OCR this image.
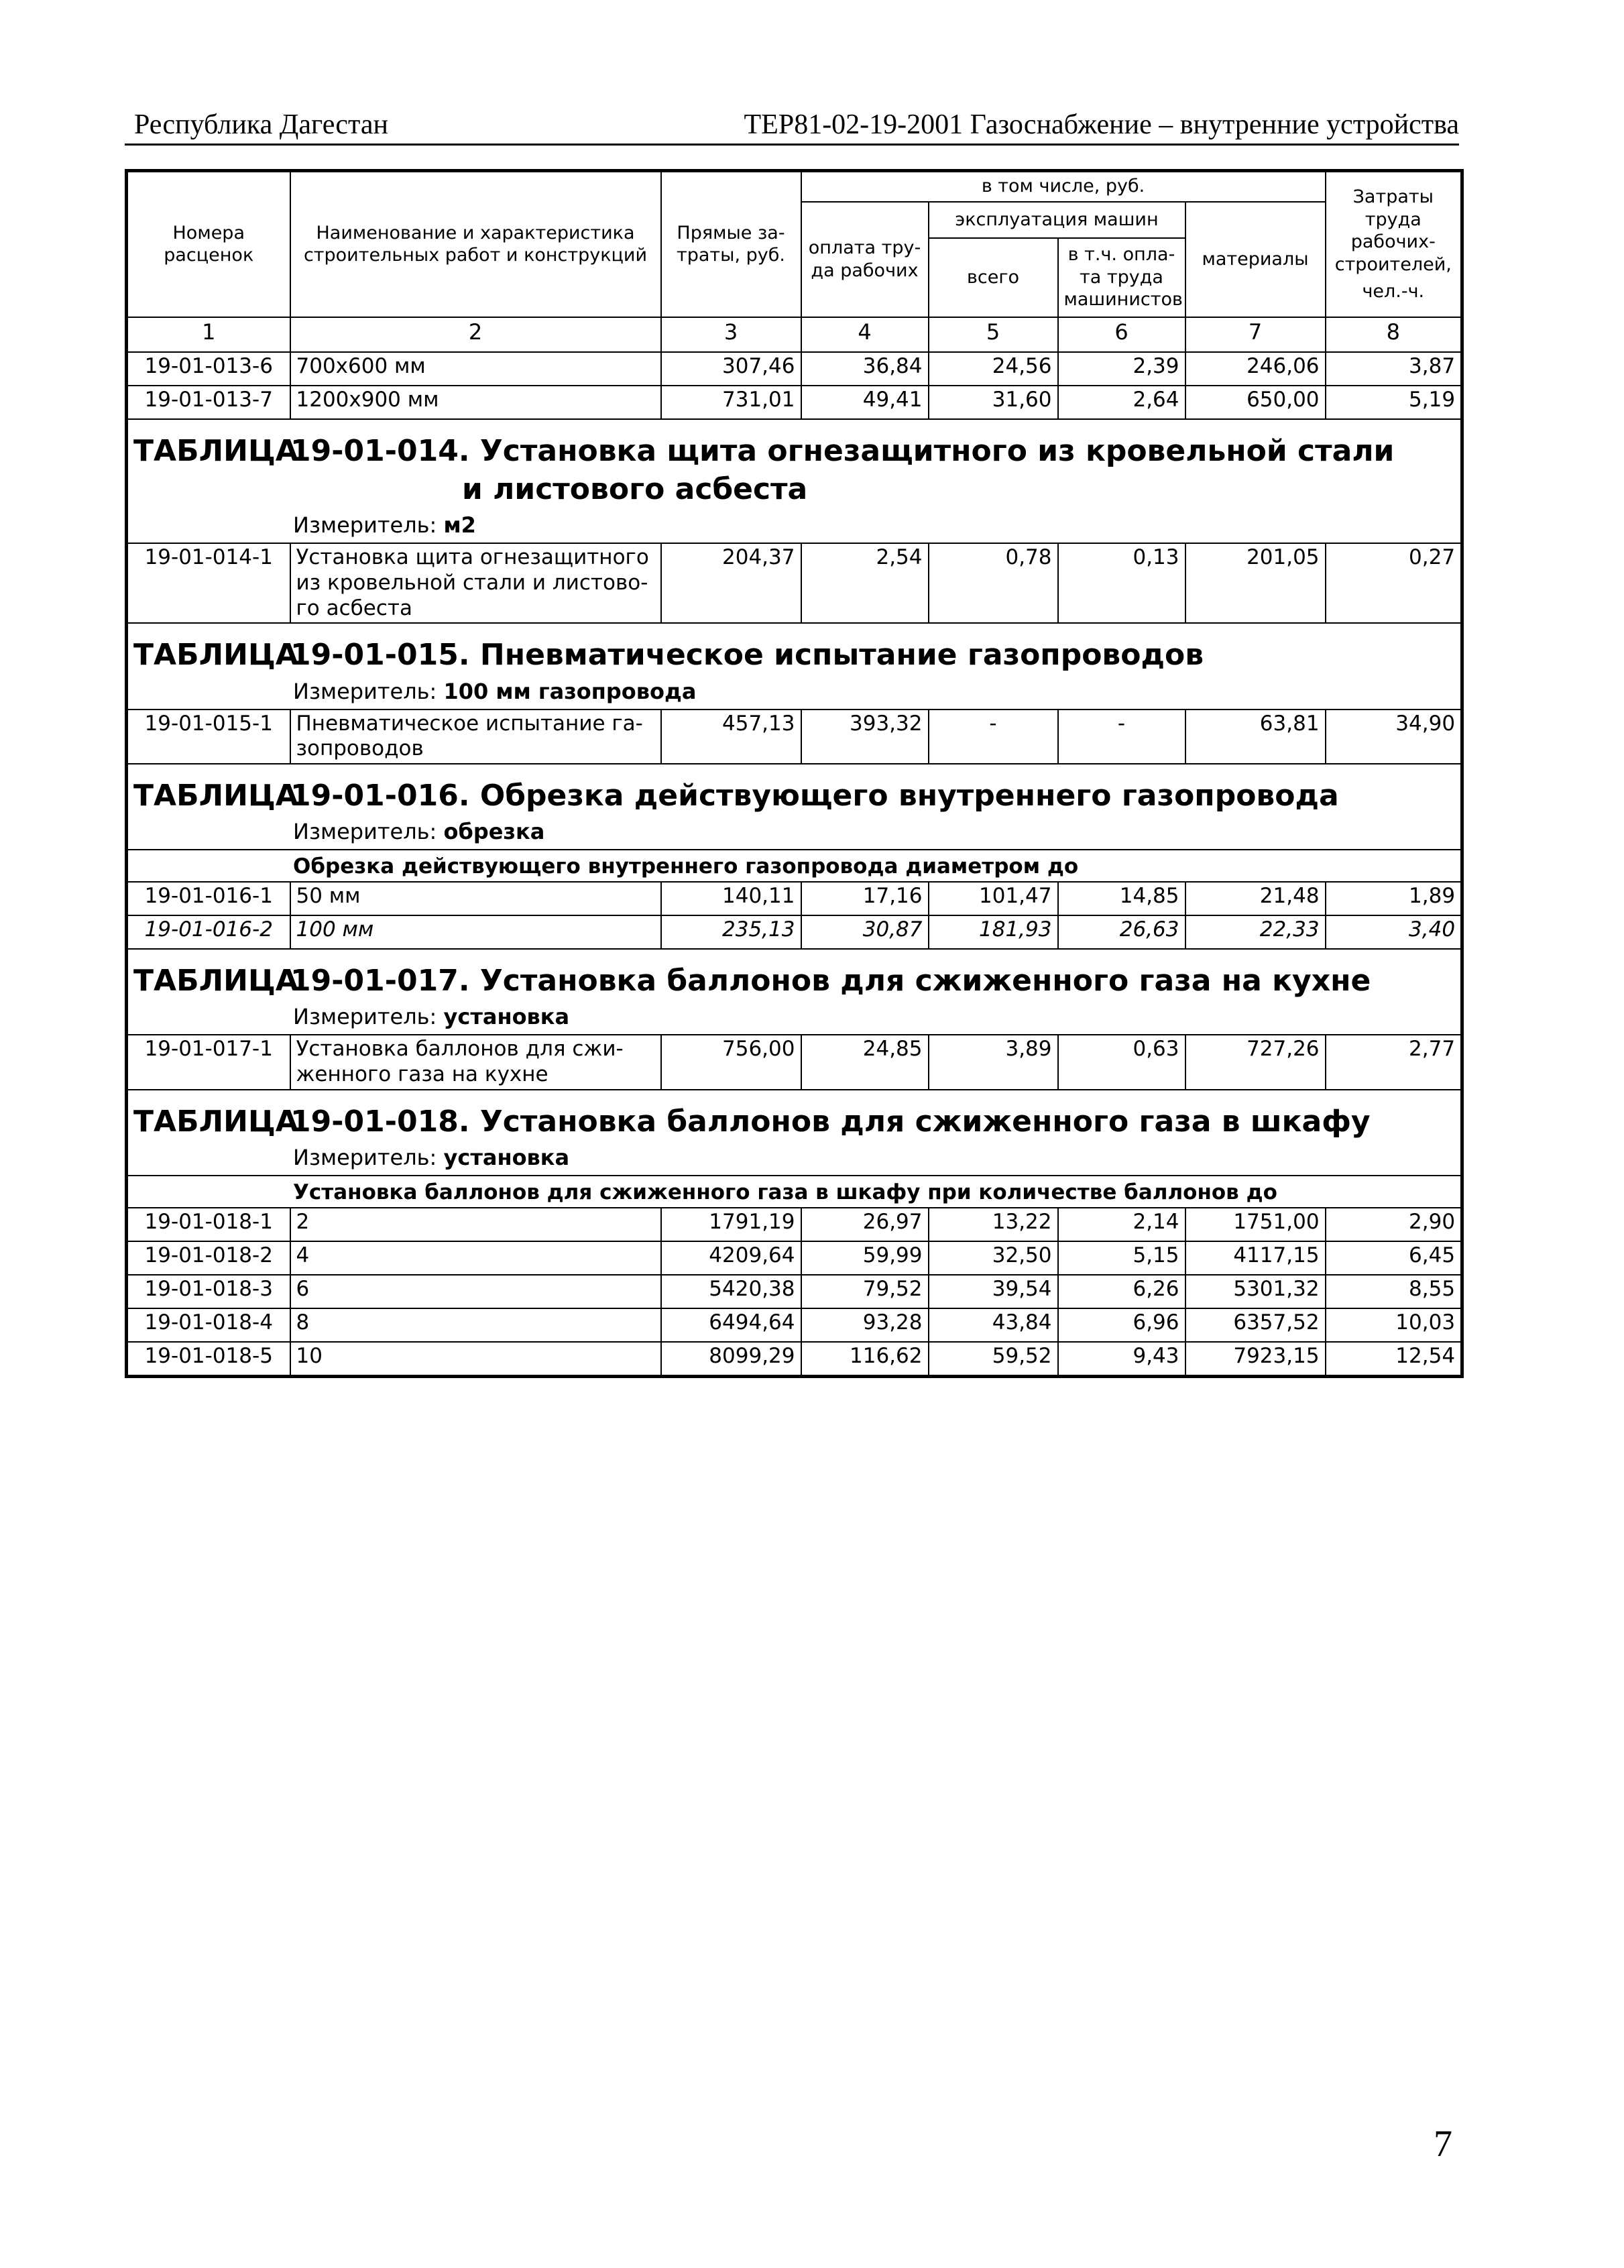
Республика Дагестан	ТЕР81-02-19-2001 Газоснабжение – внутренние устройства
Номера расценок	Наименование и характеристика строительных работ и конструкций	Прямые за- траты, руб.	в том числе, руб.				Затраты
труда рабочих- строителей,
чел.-ч.

			оплата тру- да рабочих	эксплуатация машин		материалы	
				всего	в т.ч. опла- та труда машинистов		
1	2	3	4	5	6	7	8
19-01-013-6	700x600 мм	307,46	36,84	24,56	2,39	246,06	3,87
19-01-013-7	1200x900 мм	731,01	49,41	31,60	2,64	650,00	5,19

ТАБЛИЦА
19-01-014. Установка щита огнезащитного из кровельной стали
и листового асбеста							

Измеритель: м2							
19-01-014-1	Установка щита огнезащитного из кровельной стали и листово- го асбеста	204,37	2,54	0,78	0,13	201,05	0,27

ТАБЛИЦА
19-01-015. Пневматическое испытание газопроводов							

Измеритель: 100 мм газопровода							
19-01-015-1	Пневматическое испытание га- зопроводов	457,13	393,32	-	-	63,81	34,90

ТАБЛИЦА
19-01-016. Обрезка действующего внутреннего газопровода							

Измеритель: обрезка							
Обрезка действующего внутреннего газопровода диаметром до							
19-01-016-1	50 мм	140,11	17,16	101,47	14,85	21,48	1,89
19-01-016-2	100 мм	235,13	30,87	181,93	26,63	22,33	3,40

ТАБЛИЦА
19-01-017. Установка баллонов для сжиженного газа на кухне							

Измеритель: установка							
19-01-017-1	Установка баллонов для сжи- женного газа на кухне	756,00	24,85	3,89	0,63	727,26	2,77

ТАБЛИЦА
19-01-018. Установка баллонов для сжиженного газа в шкафу							

Измеритель: установка							
Установка баллонов для сжиженного газа в шкафу при количестве баллонов до							
19-01-018-1	2	1791,19	26,97	13,22	2,14	1751,00	2,90
19-01-018-2	4	4209,64	59,99	32,50	5,15	4117,15	6,45
19-01-018-3	6	5420,38	79,52	39,54	6,26	5301,32	8,55
19-01-018-4	8	6494,64	93,28	43,84	6,96	6357,52	10,03
19-01-018-5	10	8099,29	116,62	59,52	9,43	7923,15	12,54
7
